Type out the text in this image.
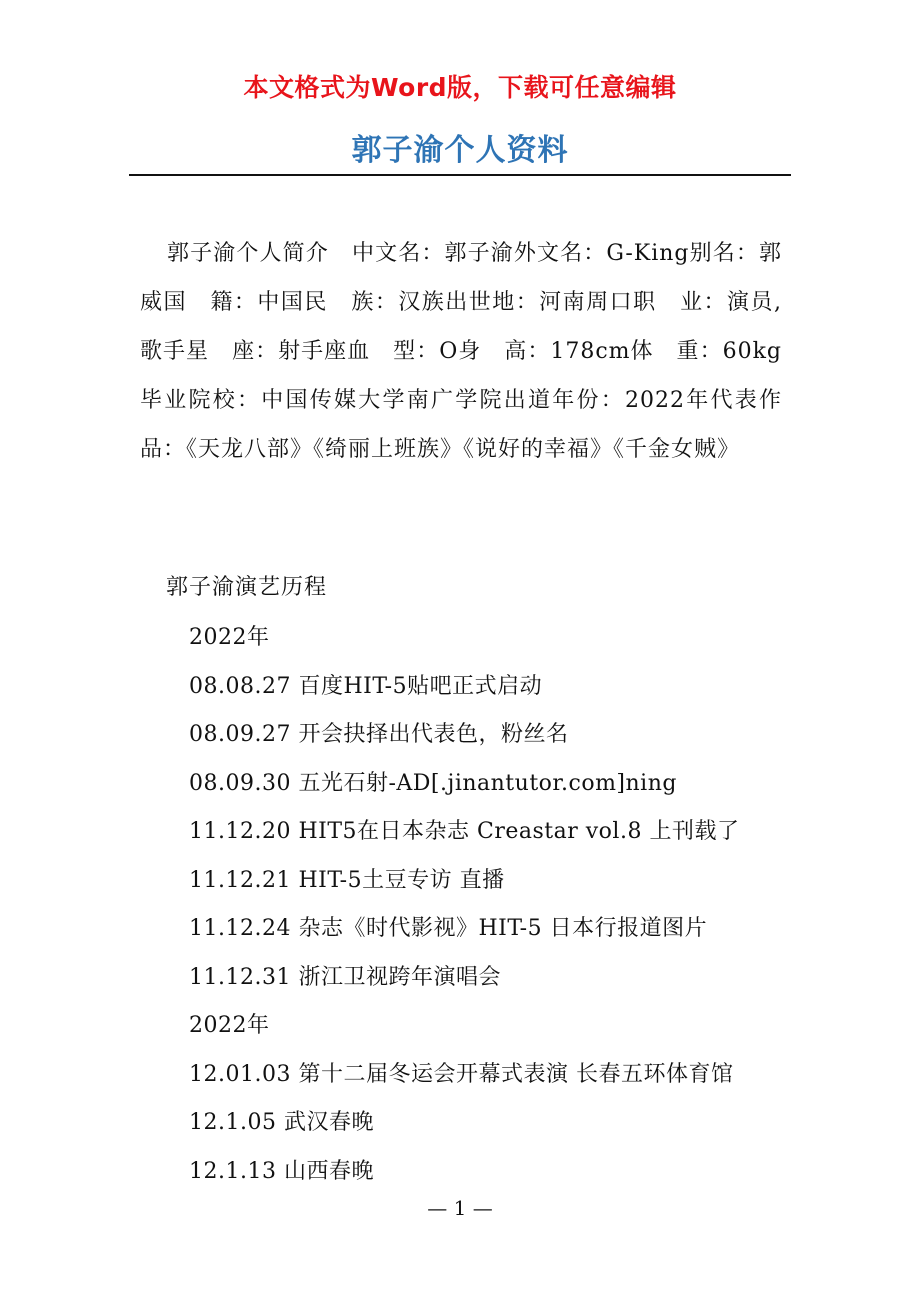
本文格式为Word版，下载可任意编辑
郭子渝个人资料

郭子渝个人简介　中文名：郭子渝外文名：G-King别名：郭威国　籍：中国民　族：汉族出世地：河南周口职　业：演员,歌手星　座：射手座血　型：O身　高：178cm体　重：60kg毕业院校：中国传媒大学南广学院出道年份：2022年代表作品：《天龙八部》《绮丽上班族》《说好的幸福》《千金女贼》

郭子渝演艺历程
2022年
08.08.27 百度HIT-5贴吧正式启动
08.09.27 开会抉择出代表色，粉丝名
08.09.30 五光石射-AD[.jinantutor.com]ning
11.12.20 HIT5在日本杂志 Creastar vol.8 上刊载了
11.12.21 HIT-5土豆专访 直播
11.12.24 杂志《时代影视》HIT-5 日本行报道图片
11.12.31 浙江卫视跨年演唱会
2022年
12.01.03 第十二届冬运会开幕式表演 长春五环体育馆
12.1.05 武汉春晚
12.1.13 山西春晚
— 1 —
